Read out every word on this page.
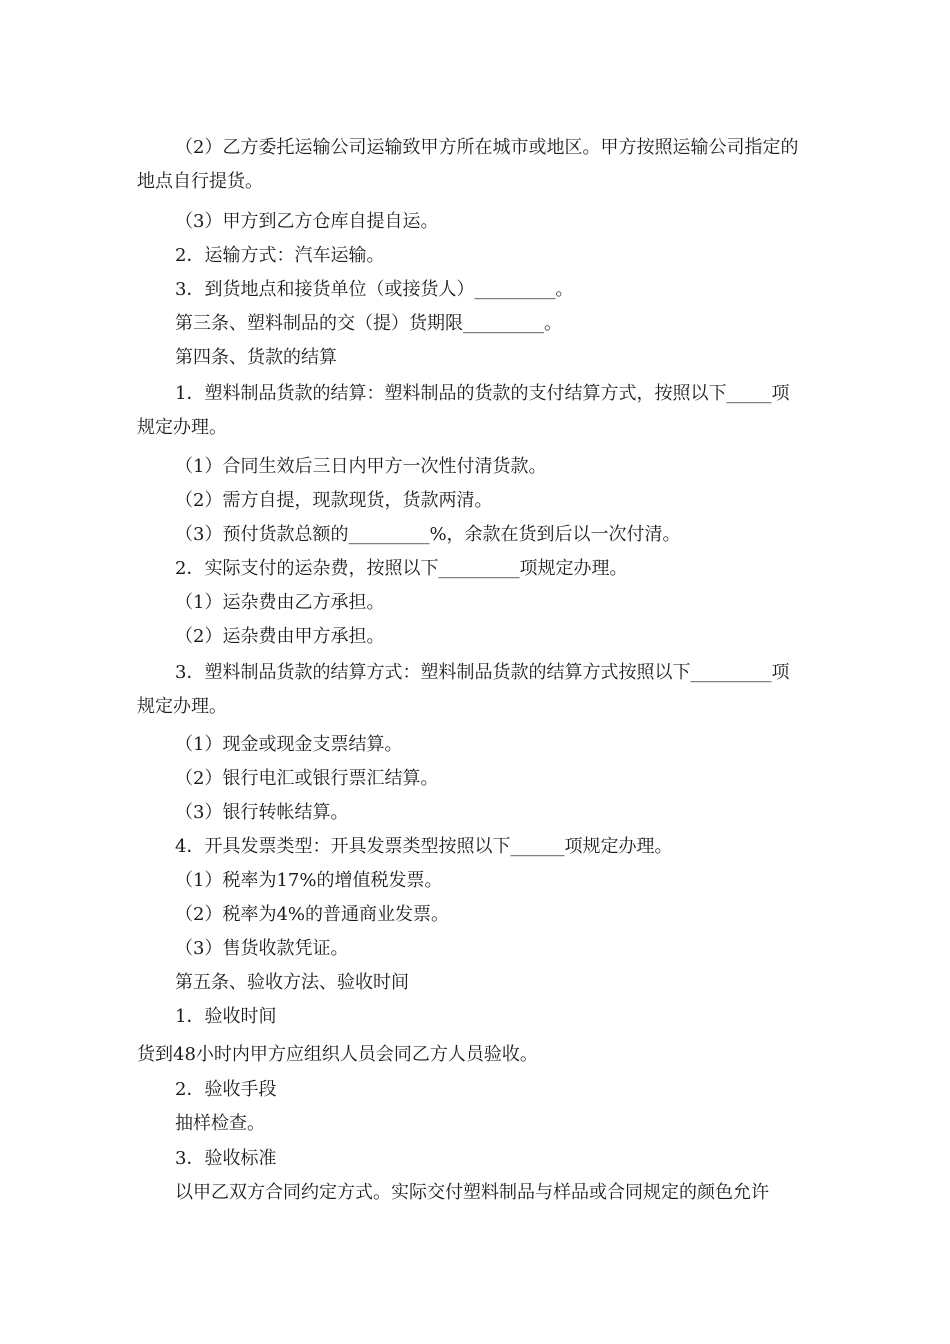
（2）乙方委托运输公司运输致甲方所在城市或地区。甲方按照运输公司指定的
地点自行提货。
（3）甲方到乙方仓库自提自运。
2．运输方式：汽车运输。
3．到货地点和接货单位（或接货人）_________。
第三条、塑料制品的交（提）货期限_________。
第四条、货款的结算
1．塑料制品货款的结算：塑料制品的货款的支付结算方式，按照以下_____项
规定办理。
（1）合同生效后三日内甲方一次性付清货款。
（2）需方自提，现款现货，货款两清。
（3）预付货款总额的_________%，余款在货到后以一次付清。
2．实际支付的运杂费，按照以下_________项规定办理。
（1）运杂费由乙方承担。
（2）运杂费由甲方承担。
3．塑料制品货款的结算方式：塑料制品货款的结算方式按照以下_________项
规定办理。
（1）现金或现金支票结算。
（2）银行电汇或银行票汇结算。
（3）银行转帐结算。
4．开具发票类型：开具发票类型按照以下______项规定办理。
（1）税率为17%的增值税发票。
（2）税率为4%的普通商业发票。
（3）售货收款凭证。
第五条、验收方法、验收时间
1．验收时间
货到48小时内甲方应组织人员会同乙方人员验收。
2．验收手段
抽样检查。
3．验收标准
以甲乙双方合同约定方式。实际交付塑料制品与样品或合同规定的颜色允许
